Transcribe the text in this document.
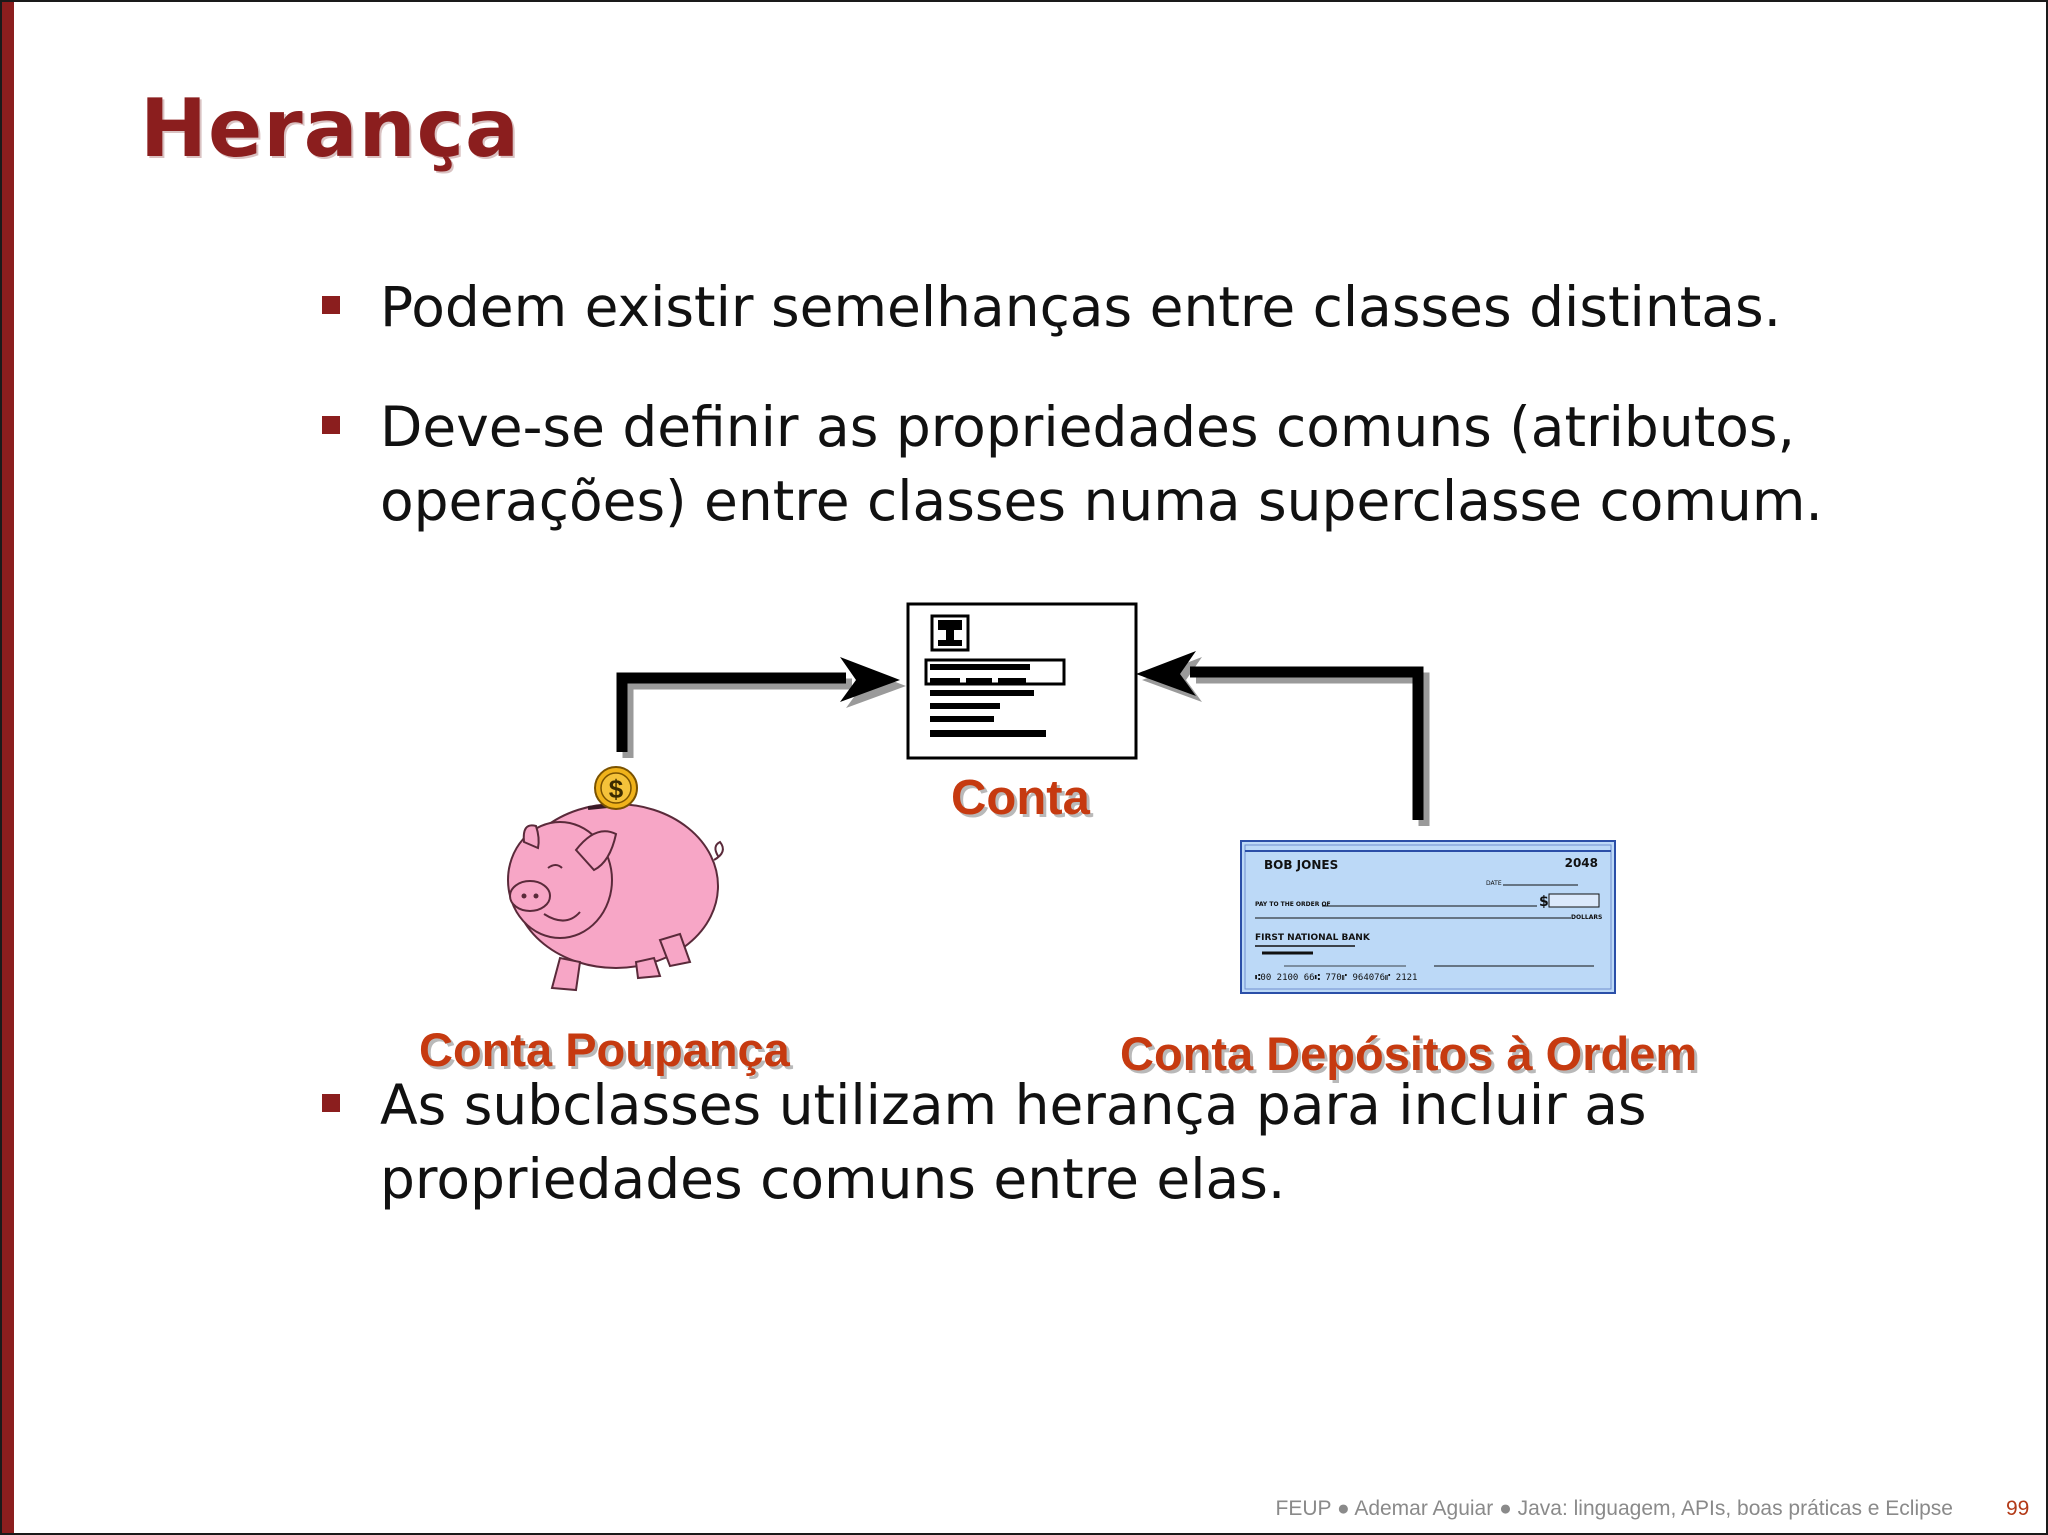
Herança
Podem existir semelhanças entre classes distintas.
Deve-se definir as propriedades comuns (atributos,
operações) entre classes numa superclasse comum.
$
BOB JONES	2048
DATE
PAY TO THE ORDER OF	$
DOLLARS
FIRST NATIONAL BANK
⑆00 2100 66⑆ 770⑈ 964076⑈ 2121
Conta
Conta Poupança	Conta Depósitos à Ordem
As subclasses utilizam herança para incluir as
propriedades comuns entre elas.
FEUP ● Ademar Aguiar ● Java: linguagem, APIs, boas práticas e Eclipse	99
